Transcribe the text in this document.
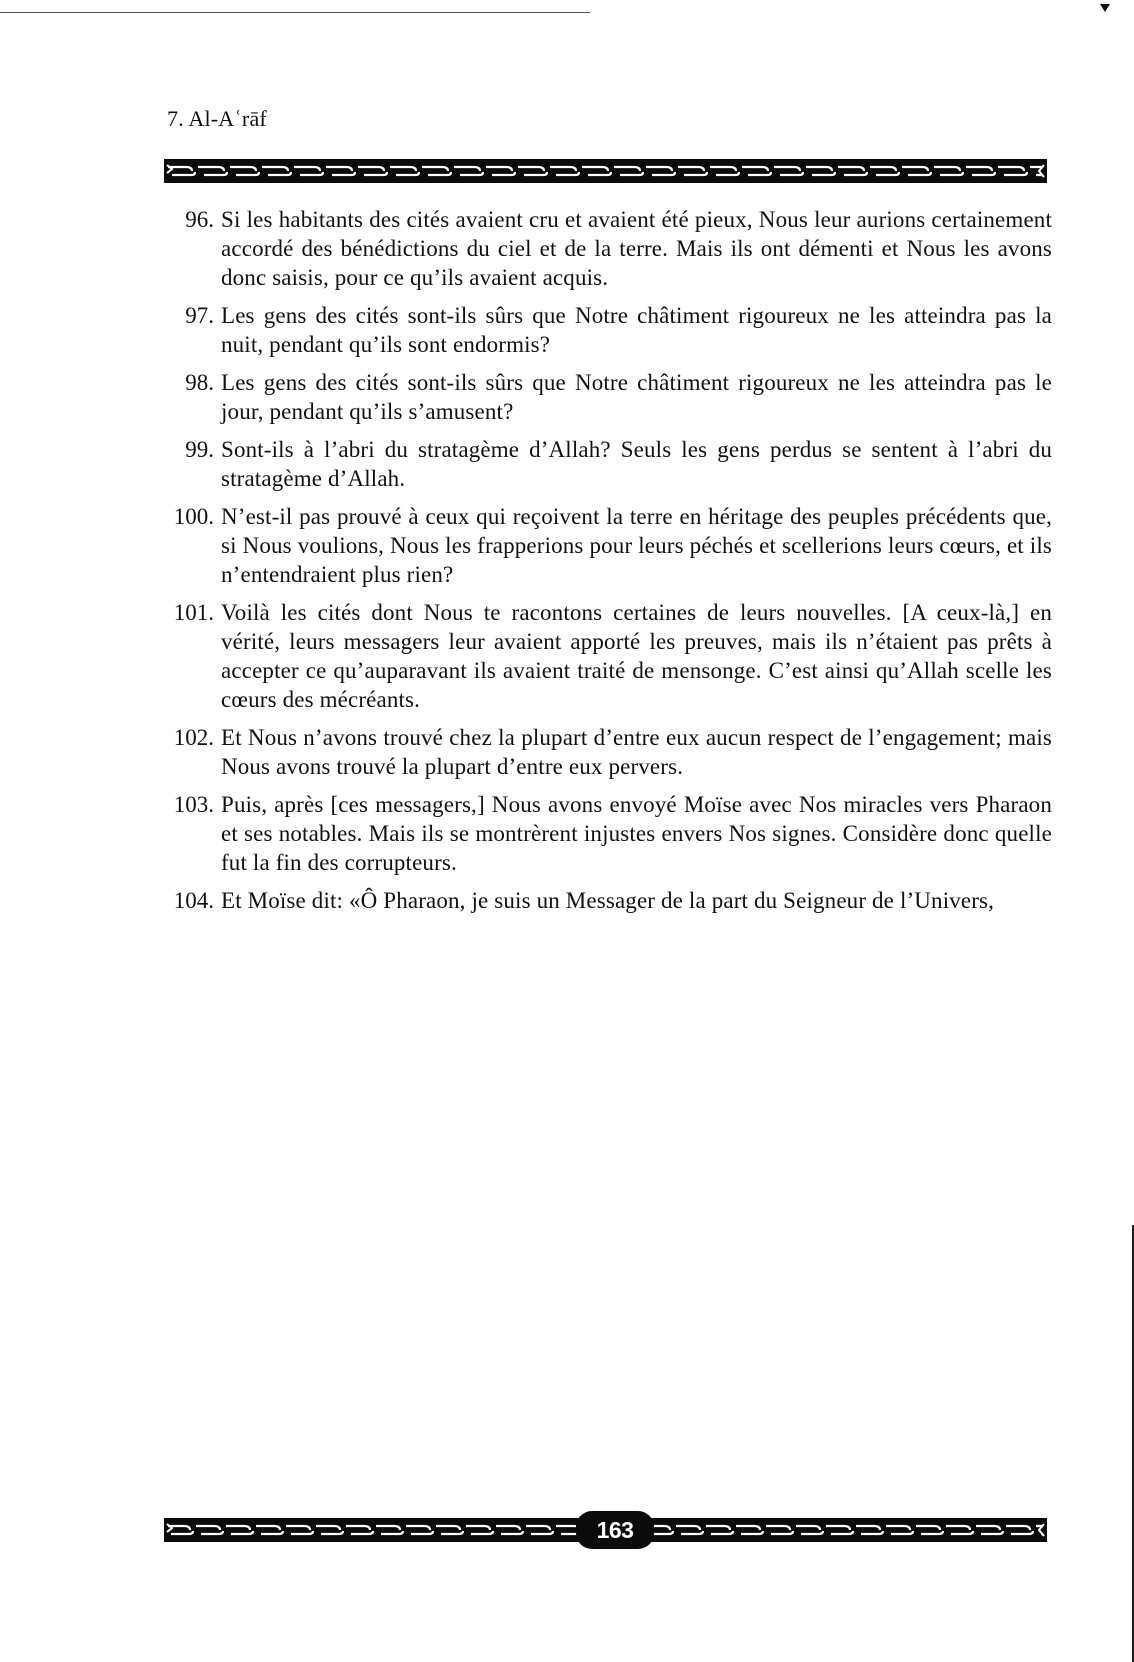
7. Al-Aʿrāf
96. Si les habitants des cités avaient cru et avaient été pieux, Nous leur aurions certainement accordé des bénédictions du ciel et de la terre. Mais ils ont démenti et Nous les avons donc saisis, pour ce qu’ils avaient acquis.
97. Les gens des cités sont-ils sûrs que Notre châtiment rigoureux ne les atteindra pas la nuit, pendant qu’ils sont endormis?
98. Les gens des cités sont-ils sûrs que Notre châtiment rigoureux ne les atteindra pas le jour, pendant qu’ils s’amusent?
99. Sont-ils à l’abri du stratagème d’Allah? Seuls les gens perdus se sentent à l’abri du stratagème d’Allah.
100. N’est-il pas prouvé à ceux qui reçoivent la terre en héritage des peuples précédents que, si Nous voulions, Nous les frapperions pour leurs péchés et scellerions leurs cœurs, et ils n’entendraient plus rien?
101. Voilà les cités dont Nous te racontons certaines de leurs nouvelles. [A ceux-là,] en vérité, leurs messagers leur avaient apporté les preuves, mais ils n’étaient pas prêts à accepter ce qu’auparavant ils avaient traité de mensonge. C’est ainsi qu’Allah scelle les cœurs des mécréants.
102. Et Nous n’avons trouvé chez la plupart d’entre eux aucun respect de l’engagement; mais Nous avons trouvé la plupart d’entre eux pervers.
103. Puis, après [ces messagers,] Nous avons envoyé Moïse avec Nos miracles vers Pharaon et ses notables. Mais ils se montrèrent injustes envers Nos signes. Considère donc quelle fut la fin des corrupteurs.
104. Et Moïse dit: «Ô Pharaon, je suis un Messager de la part du Seigneur de l’Univers,
163
